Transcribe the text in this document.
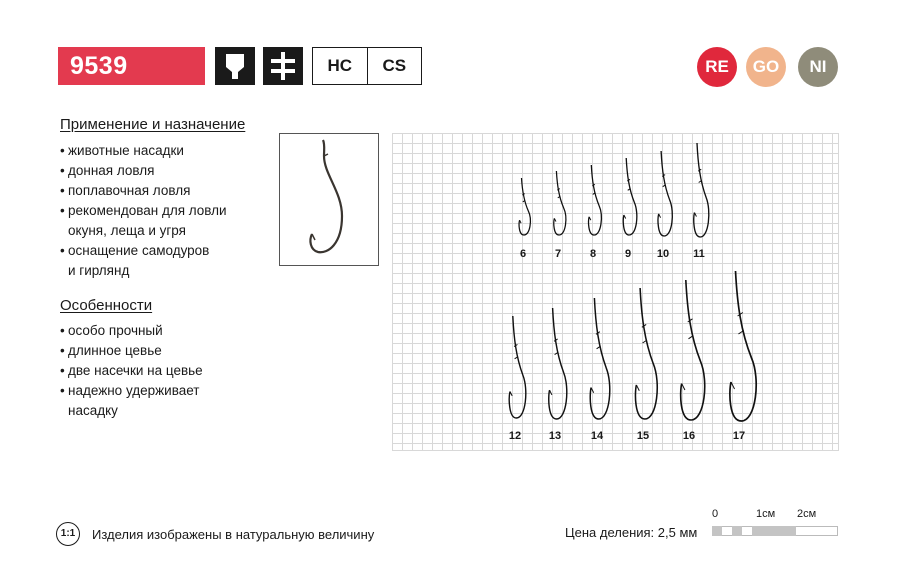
9539	HC	CS	RE	GO	NI
Применение и назначение
• животные насадки
• донная ловля
• поплавочная ловля
• рекомендован для ловли
окуня, леща и угря
• оснащение самодуров
и гирлянд
Особенности
• особо прочный
• длинное цевье
• две насечки на цевье
• надежно удерживает
насадку
6	7	8	9 10 11
12	13	14	15	16	17
1:1	Изделия изображены в натуральную величину	Цена деления: 2,5 мм
0	1см 2см
